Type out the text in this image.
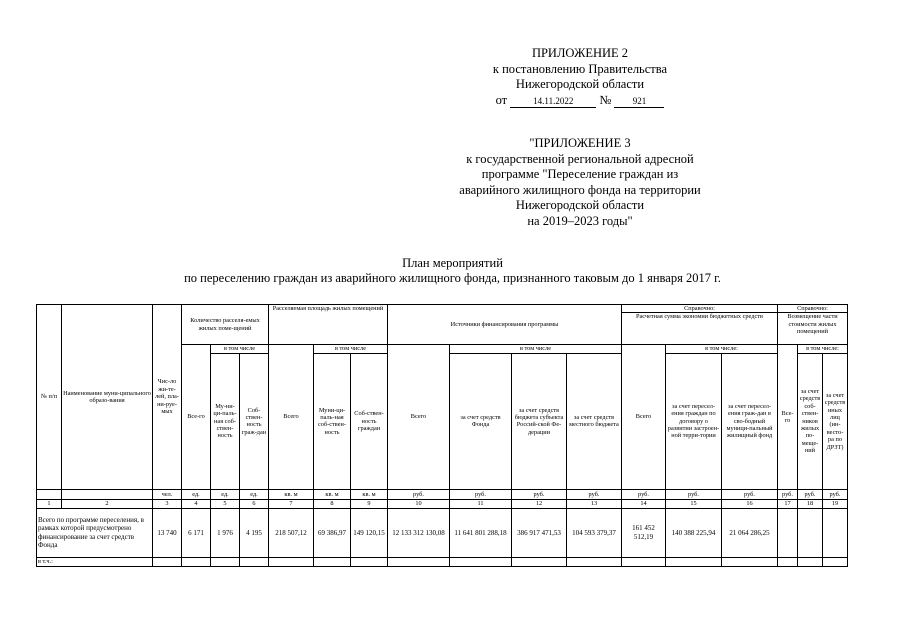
ПРИЛОЖЕНИЕ 2
к постановлению Правительства
Нижегородской области
от	14.11.2022 № 921
"ПРИЛОЖЕНИЕ 3
к государственной региональной адресной
программе "Переселение граждан из
аварийного жилищного фонда на территории
Нижегородской области
на 2019–2023 годы"
План мероприятий
по переселению граждан из аварийного жилищного фонда, признанного таковым до 1 января 2017 г.
№ п/п	Наименование муни-ципального образо-вания	Чис-ло жи-те-лей, пла-ни-руе-мых	Количество расселя-емых жилых поме-щений			Расселяемая площадь жилых помещений			Источники финансирования программы				Справочно:			Справочно:		
													Расчетная сумма экономии бюджетных средств			Возмещение части стоимости жилых помещений		
			Все-го	в том числе		Всего	в том числе		Всего	в том числе			Всего	в том числе:		Все-го	в том числе:	
				Му-ни-ци-паль-ная соб-ствен-ность	Соб-ствен-ность граж-дан		Муни-ци-паль-ная соб-ствен-ность	Соб-ствен-ность граждан		за счет средств Фонда	за счет средств бюджета субъекта Россий-ской Фе-дерации	за счет средств местного бюджета		за счет пересел-ения граждан по договору о развитии застроен-ной терри-тории	за счет пересел-ения граж-дан в сво-бодный муници-пальный жилищный фонд		за счет средств соб-ствен-ников жилых по-меще-ний	за счет средств иных лиц (ин-весто-ра по ДРЗТ)
		чел.	ед.	ед.	ед.	кв. м	кв. м	кв. м	руб.	руб.	руб.	руб.	руб.	руб.	руб.	руб.	руб.	руб.
1	2	3	4	5	6	7	8	9	10	11	12	13	14	15	16	17	18	19
Всего по программе переселения, в рамках которой предусмотрено финансирование за счет средств Фонда		13 740	6 171	1 976	4 195	218 507,12	69 386,97	149 120,15	12 133 312 130,08	11 641 801 288,18	386 917 471,53	104 593 379,37	161 452 512,19	140 388 225,94	21 064 286,25			
в т.ч.:																		
